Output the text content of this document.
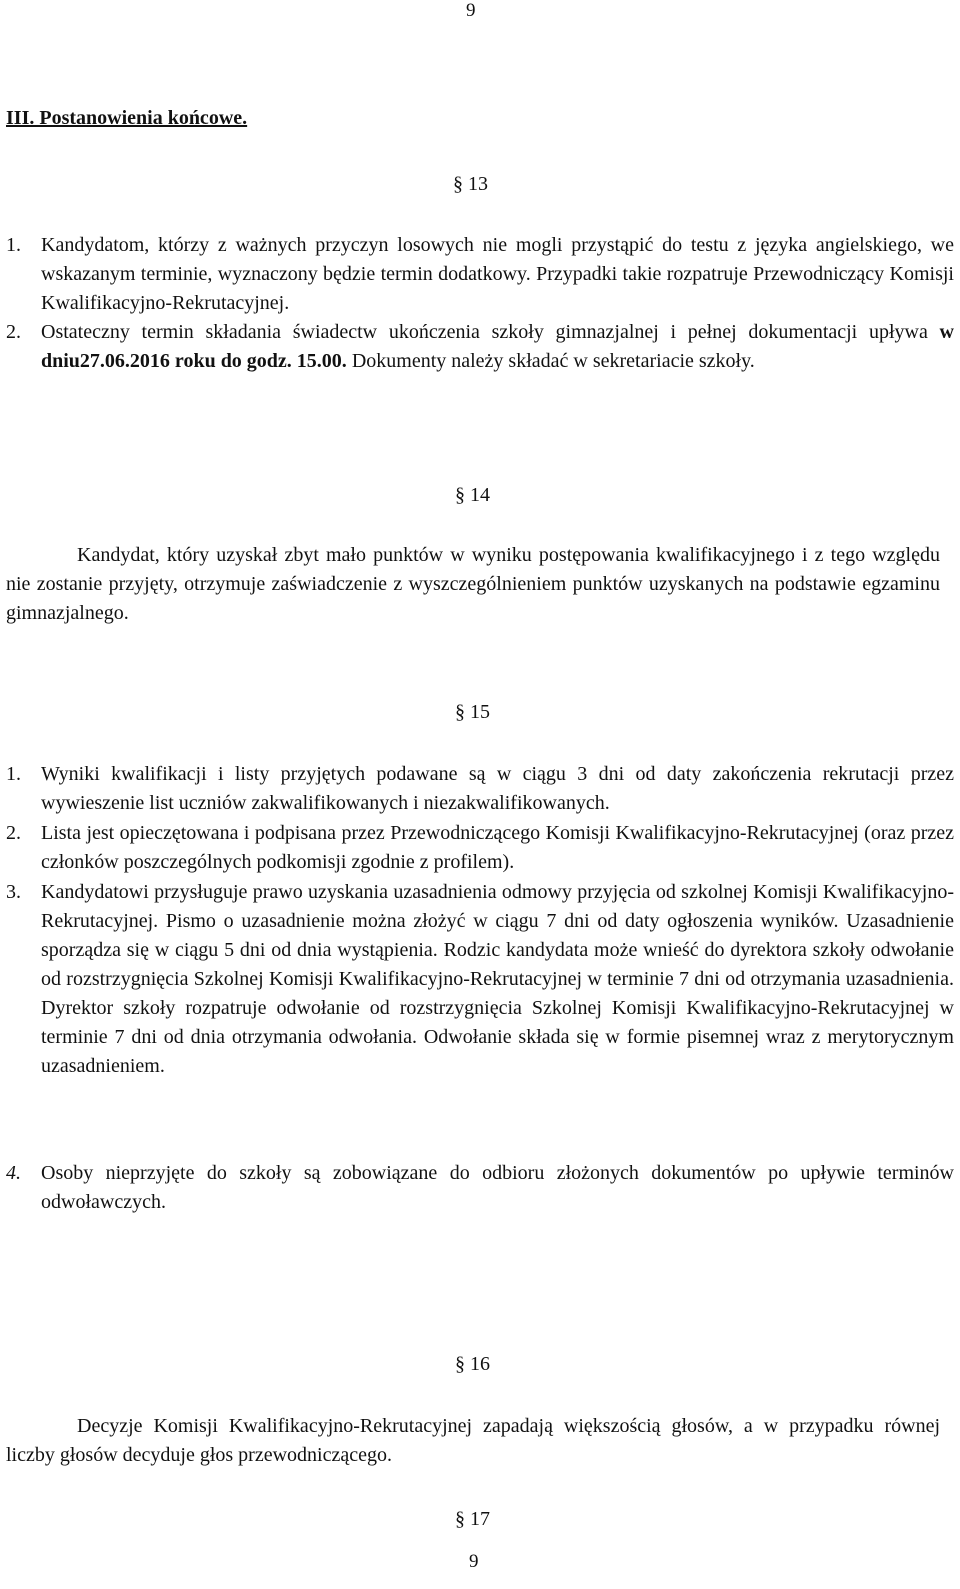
9
III. Postanowienia końcowe.
§ 13
1. Kandydatom, którzy z ważnych przyczyn losowych nie mogli przystąpić do testu z języka angielskiego, we wskazanym terminie, wyznaczony będzie termin dodatkowy. Przypadki takie rozpatruje Przewodniczący Komisji Kwalifikacyjno-Rekrutacyjnej.
2. Ostateczny termin składania świadectw ukończenia szkoły gimnazjalnej i pełnej dokumentacji upływa w dniu27.06.2016 roku do godz. 15.00. Dokumenty należy składać w sekretariacie szkoły.
§ 14
Kandydat, który uzyskał zbyt mało punktów w wyniku postępowania kwalifikacyjnego i z tego względu nie zostanie przyjęty, otrzymuje zaświadczenie z wyszczególnieniem punktów uzyskanych na podstawie egzaminu gimnazjalnego.
§ 15
1. Wyniki kwalifikacji i listy przyjętych podawane są w ciągu 3 dni od daty zakończenia rekrutacji przez wywieszenie list uczniów zakwalifikowanych i niezakwalifikowanych.
2. Lista jest opieczętowana i podpisana przez Przewodniczącego Komisji Kwalifikacyjno-Rekrutacyjnej (oraz przez członków poszczególnych podkomisji zgodnie z profilem).
3. Kandydatowi przysługuje prawo uzyskania uzasadnienia odmowy przyjęcia od szkolnej Komisji Kwalifikacyjno-Rekrutacyjnej. Pismo o uzasadnienie można złożyć w ciągu 7 dni od daty ogłoszenia wyników. Uzasadnienie sporządza się w ciągu 5 dni od dnia wystąpienia. Rodzic kandydata może wnieść do dyrektora szkoły odwołanie od rozstrzygnięcia Szkolnej Komisji Kwalifikacyjno-Rekrutacyjnej w terminie 7 dni od otrzymania uzasadnienia. Dyrektor szkoły rozpatruje odwołanie od rozstrzygnięcia Szkolnej Komisji Kwalifikacyjno-Rekrutacyjnej w terminie 7 dni od dnia otrzymania odwołania. Odwołanie składa się w formie pisemnej wraz z merytorycznym uzasadnieniem.
4. Osoby nieprzyjęte do szkoły są zobowiązane do odbioru złożonych dokumentów po upływie terminów odwoławczych.
§ 16
Decyzje Komisji Kwalifikacyjno-Rekrutacyjnej zapadają większością głosów, a w przypadku równej liczby głosów decyduje głos przewodniczącego.
§ 17
9
